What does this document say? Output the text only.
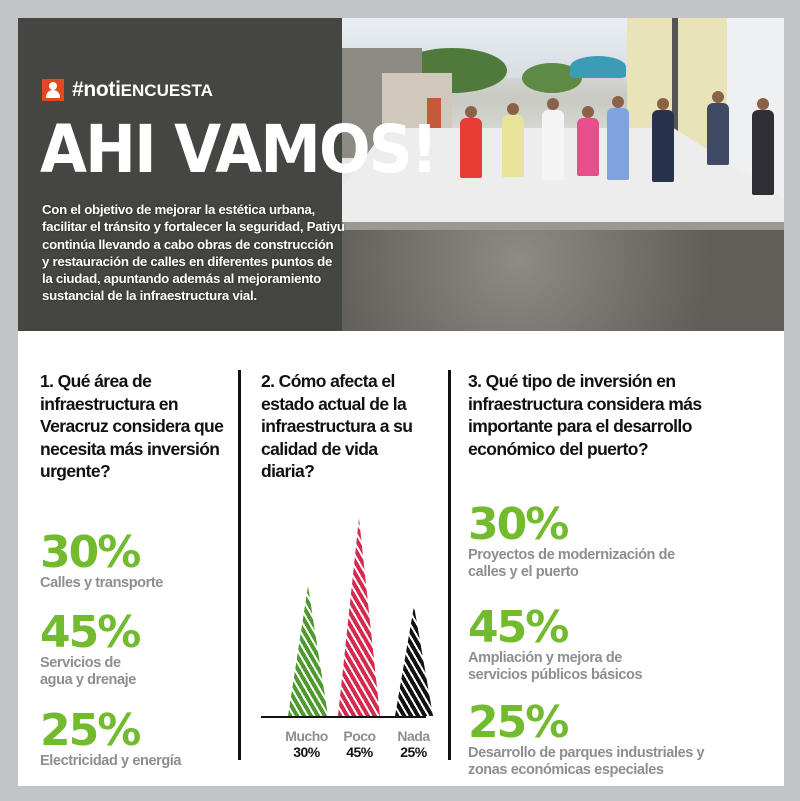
#notiENCUESTA
AHI VAMOS!
Con el objetivo de mejorar la estética urbana,
facilitar el tránsito y fortalecer la seguridad, Patiyu
continúa llevando a cabo obras de construcción
y restauración de calles en diferentes puntos de
la ciudad, apuntando además al mejoramiento
sustancial de la infraestructura vial.
1. Qué área de infraestructura en Veracruz considera que necesita más inversión urgente?
30%
Calles y transporte
45%
Servicios de agua y drenaje
25%
Electricidad y energía
2. Cómo afecta el estado actual de la infraestructura a su calidad de vida diaria?
Mucho
30%
Poco
45%
Nada
25%
3. Qué tipo de inversión en infraestructura considera más importante para el desarrollo económico del puerto?
30%
Proyectos de modernización de calles y el puerto
45%
Ampliación y mejora de servicios públicos básicos
25%
Desarrollo de parques industriales y zonas económicas especiales
